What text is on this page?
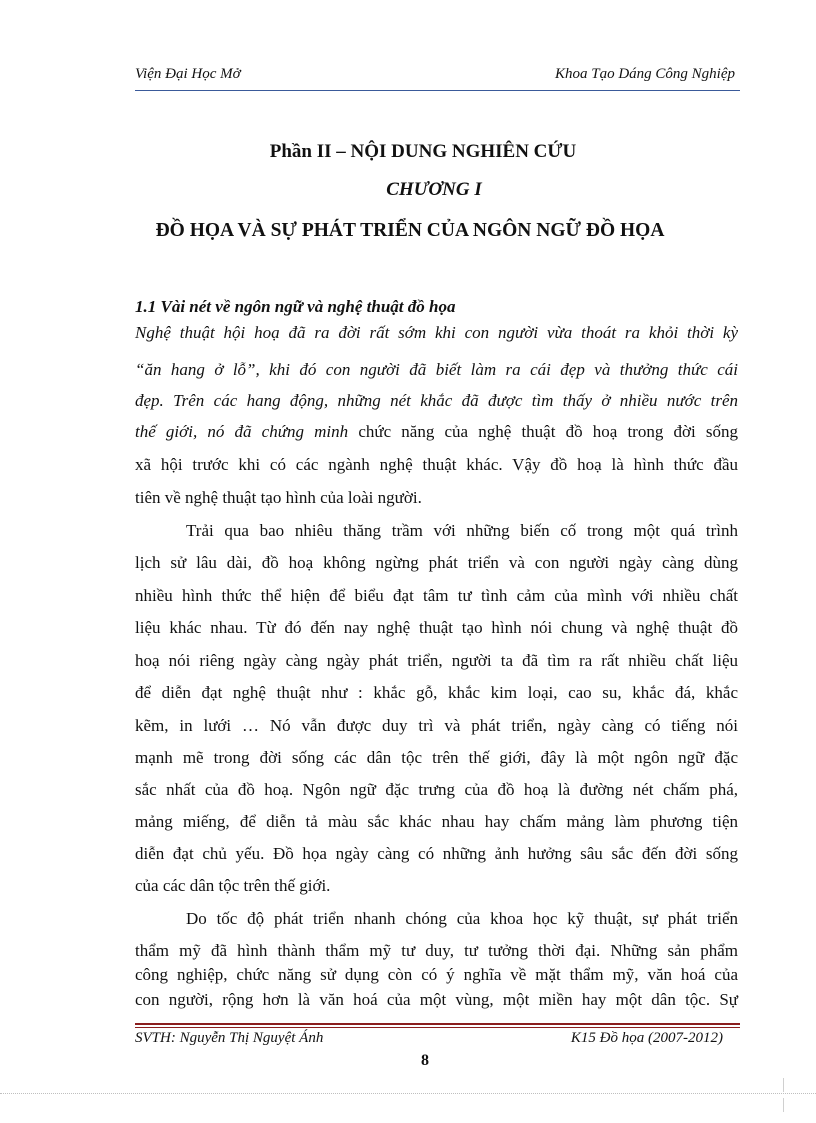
Viện Đại Học Mở	Khoa Tạo Dáng Công Nghiệp
Phần II – NỘI DUNG NGHIÊN CỨU
CHƯƠNG I
ĐỒ HỌA VÀ SỰ PHÁT TRIỂN CỦA NGÔN NGỮ ĐỒ HỌA
1.1 Vài nét về ngôn ngữ và nghệ thuật đồ họa
Nghệ thuật hội hoạ đã ra đời rất sớm khi con người vừa thoát ra khỏi thời kỳ
“ăn hang ở lỗ”, khi đó con người đã biết làm ra cái đẹp và thưởng thức cái
đẹp. Trên các hang động, những nét khắc đã được tìm thấy ở nhiều nước trên
thế giới, nó đã chứng minh chức năng của nghệ thuật đồ hoạ trong đời sống
xã hội trước khi có các ngành nghệ thuật khác. Vậy đồ hoạ là hình thức đầu
tiên về nghệ thuật tạo hình của loài người.
Trải qua bao nhiêu thăng trầm với những biến cố trong một quá trình
lịch sử lâu dài, đồ hoạ không ngừng phát triển và con người ngày càng dùng
nhiều hình thức thể hiện để biểu đạt tâm tư tình cảm của mình với nhiều chất
liệu khác nhau. Từ đó đến nay nghệ thuật tạo hình nói chung và nghệ thuật đồ
hoạ nói riêng ngày càng ngày phát triển, người ta đã tìm ra rất nhiều chất liệu
để diễn đạt nghệ thuật như : khắc gỗ, khắc kim loại, cao su, khắc đá, khắc
kẽm, in lưới … Nó vẫn được duy trì và phát triển, ngày càng có tiếng nói
mạnh mẽ trong đời sống các dân tộc trên thế giới, đây là một ngôn ngữ đặc
sắc nhất của đồ hoạ. Ngôn ngữ đặc trưng của đồ hoạ là đường nét chấm phá,
mảng miếng, để diễn tả màu sắc khác nhau hay chấm mảng làm phương tiện
diễn đạt chủ yếu. Đồ họa ngày càng có những ảnh hưởng sâu sắc đến đời sống
của các dân tộc trên thế giới.
Do tốc độ phát triển nhanh chóng của khoa học kỹ thuật, sự phát triển
thẩm mỹ đã hình thành thẩm mỹ tư duy, tư tưởng thời đại. Những sản phẩm
công nghiệp, chức năng sử dụng còn có ý nghĩa về mặt thẩm mỹ, văn hoá của
con người, rộng hơn là văn hoá của một vùng, một miền hay một dân tộc. Sự
SVTH: Nguyễn Thị Nguyệt Ánh	K15 Đồ họa (2007-2012)
8
